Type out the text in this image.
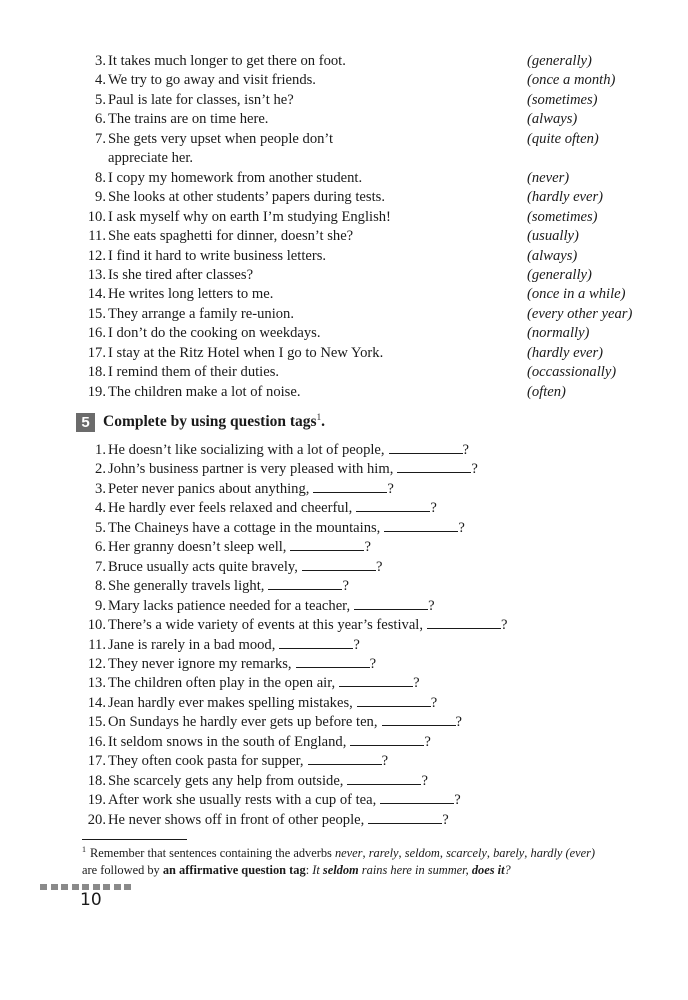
3. It takes much longer to get there on foot.	(generally)
4. We try to go away and visit friends.	(once a month)
5. Paul is late for classes, isn’t he?	(sometimes)
6. The trains are on time here.	(always)
7. She gets very upset when people don’t	(quite often)
appreciate her.
8. I copy my homework from another student.	(never)
9. She looks at other students’ papers during tests.	(hardly ever)
10. I ask myself why on earth I’m studying English!	(sometimes)
11. She eats spaghetti for dinner, doesn’t she?	(usually)
12. I find it hard to write business letters.	(always)
13. Is she tired after classes?	(generally)
14. He writes long letters to me.	(once in a while)
15. They arrange a family re-union.	(every other year)
16. I don’t do the cooking on weekdays.	(normally)
17. I stay at the Ritz Hotel when I go to New York.	(hardly ever)
18. I remind them of their duties.	(occassionally)
19. The children make a lot of noise.	(often)
5 Complete by using question tags$^1$.
1. He doesn’t like socializing with a lot of people,	?
2. John’s business partner is very pleased with him,	?
3. Peter never panics about anything,	?
4. He hardly ever feels relaxed and cheerful,	?
5. The Chaineys have a cottage in the mountains,	?
6. Her granny doesn’t sleep well,	?
7. Bruce usually acts quite bravely,	?
8. She generally travels light,	?
9. Mary lacks patience needed for a teacher,	?
10. There’s a wide variety of events at this year’s festival,	?
11. Jane is rarely in a bad mood,	?
12. They never ignore my remarks,	?
13. The children often play in the open air,	?
14. Jean hardly ever makes spelling mistakes,	?
15. On Sundays he hardly ever gets up before ten,	?
16. It seldom snows in the south of England,	?
17. They often cook pasta for supper,	?
18. She scarcely gets any help from outside,	?
19. After work she usually rests with a cup of tea,	?
20. He never shows off in front of other people,	?
$^1$ Remember that sentences containing the adverbs never, rarely, seldom, scarcely, barely, hardly (ever)
are followed by an affirmative question tag: It seldom rains here in summer, does it?
10
